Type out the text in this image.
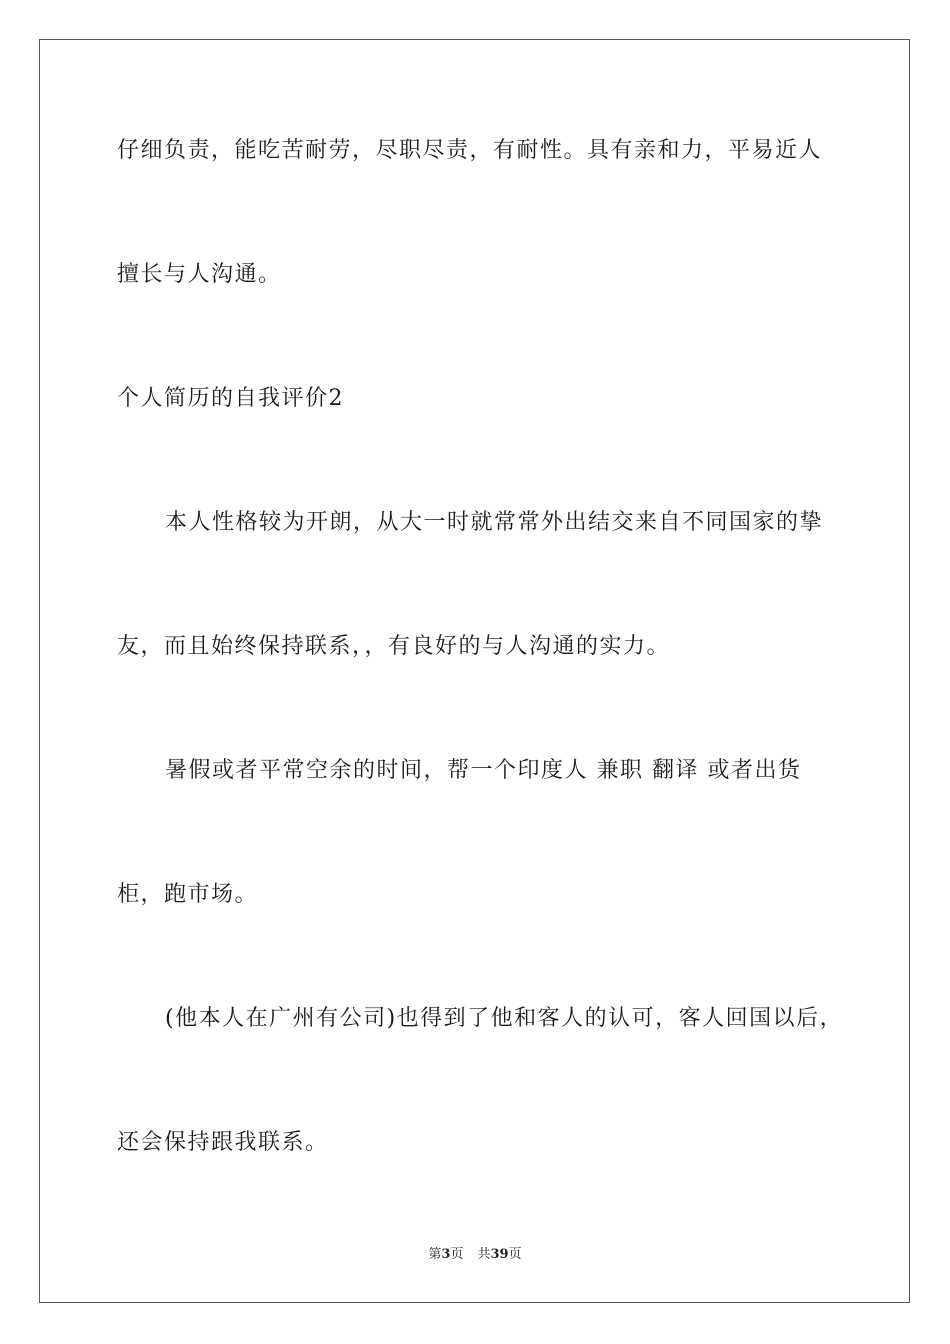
仔细负责，能吃苦耐劳，尽职尽责，有耐性。具有亲和力，平易近人
擅长与人沟通。
个人简历的自我评价2
本人性格较为开朗，从大一时就常常外出结交来自不同国家的挚
友，而且始终保持联系，，有良好的与人沟通的实力。
暑假或者平常空余的时间，帮一个印度人 兼职 翻译 或者出货
柜，跑市场。
(他本人在广州有公司)也得到了他和客人的认可，客人回国以后，
还会保持跟我联系。
第3页 共39页
